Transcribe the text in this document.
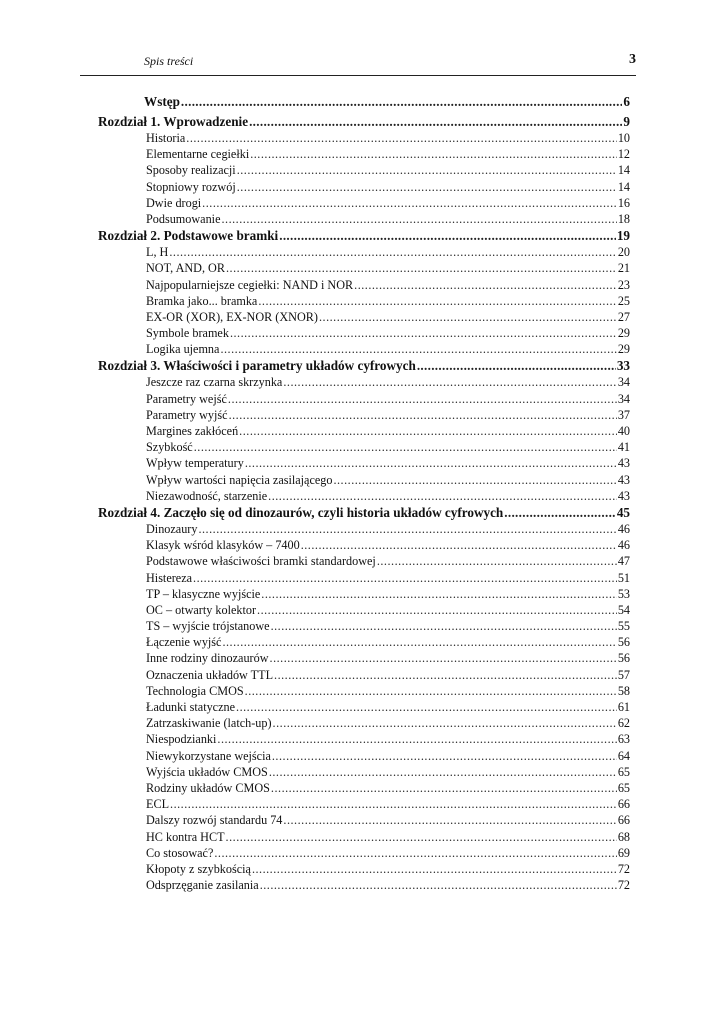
Spis treści	3
Wstęp .....	6
Rozdział 1. Wprowadzenie .....	9
Historia .....	10
Elementarne cegiełki .....	12
Sposoby realizacji .....	14
Stopniowy rozwój .....	14
Dwie drogi .....	16
Podsumowanie .....	18
Rozdział 2. Podstawowe bramki .....	19
L, H .....	20
NOT, AND, OR .....	21
Najpopularniejsze cegiełki: NAND i NOR .....	23
Bramka jako... bramka .....	25
EX-OR (XOR), EX-NOR (XNOR) .....	27
Symbole bramek .....	29
Logika ujemna .....	29
Rozdział 3. Właściwości i parametry układów cyfrowych .....	33
Jeszcze raz czarna skrzynka .....	34
Parametry wejść .....	34
Parametry wyjść .....	37
Margines zakłóceń .....	40
Szybkość .....	41
Wpływ temperatury .....	43
Wpływ wartości napięcia zasilającego .....	43
Niezawodność, starzenie .....	43
Rozdział 4. Zaczęło się od dinozaurów, czyli historia układów cyfrowych .....	45
Dinozaury .....	46
Klasyk wśród klasyków – 7400 .....	46
Podstawowe właściwości bramki standardowej .....	47
Histereza .....	51
TP – klasyczne wyjście .....	53
OC – otwarty kolektor .....	54
TS – wyjście trójstanowe .....	55
Łączenie wyjść .....	56
Inne rodziny dinozaurów .....	56
Oznaczenia układów TTL .....	57
Technologia CMOS .....	58
Ładunki statyczne .....	61
Zatrzaskiwanie (latch-up) .....	62
Niespodzianki .....	63
Niewykorzystane wejścia .....	64
Wyjścia układów CMOS .....	65
Rodziny układów CMOS .....	65
ECL .....	66
Dalszy rozwój standardu 74 .....	66
HC kontra HCT .....	68
Co stosować? .....	69
Kłopoty z szybkością .....	72
Odsprzęganie zasilania .....	72
